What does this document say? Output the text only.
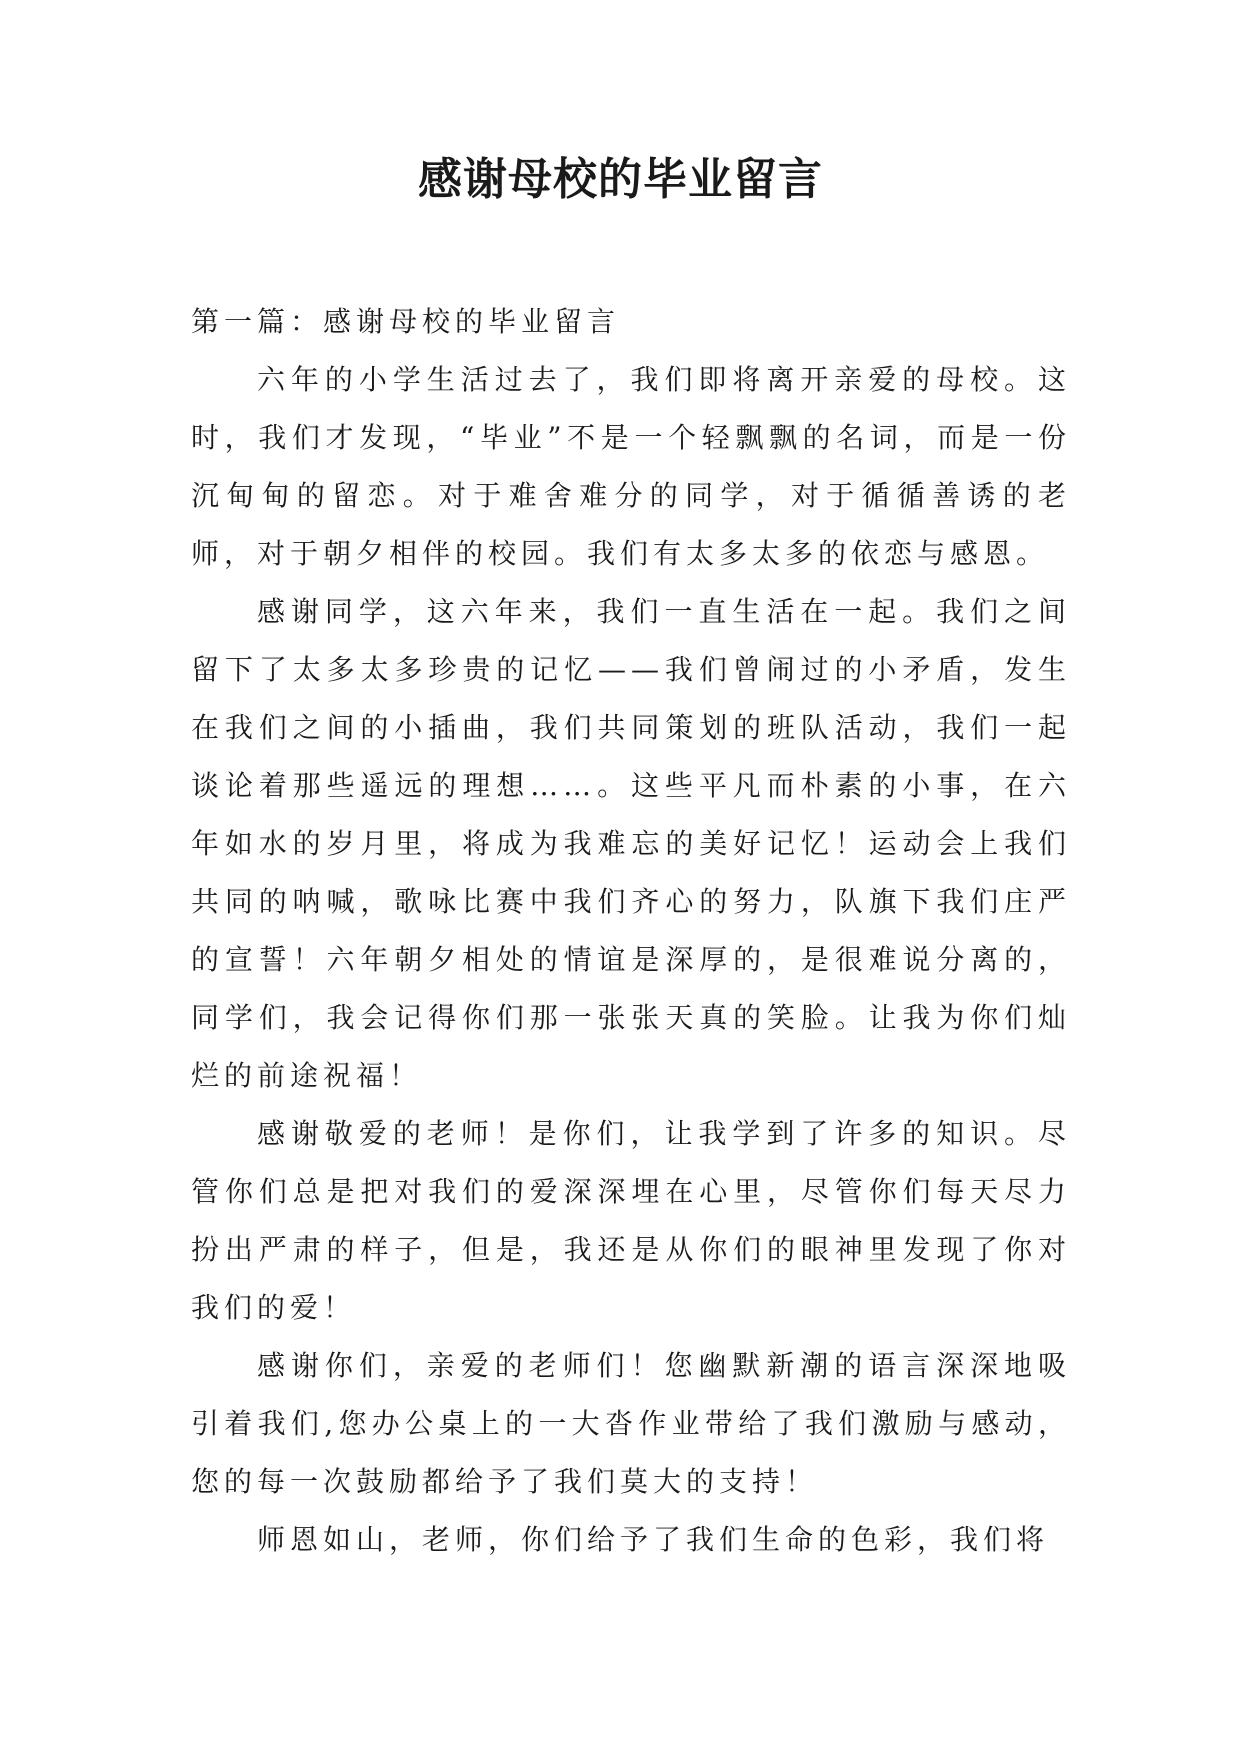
感谢母校的毕业留言
第一篇：感谢母校的毕业留言

六年的小学生活过去了，我们即将离开亲爱的母校。这时，我们才发现，“毕业”不是一个轻飘飘的名词，而是一份沉甸甸的留恋。对于难舍难分的同学，对于循循善诱的老师，对于朝夕相伴的校园。我们有太多太多的依恋与感恩。

感谢同学，这六年来，我们一直生活在一起。我们之间留下了太多太多珍贵的记忆——我们曾闹过的小矛盾，发生在我们之间的小插曲，我们共同策划的班队活动，我们一起谈论着那些遥远的理想……。这些平凡而朴素的小事，在六年如水的岁月里，将成为我难忘的美好记忆！运动会上我们共同的呐喊，歌咏比赛中我们齐心的努力，队旗下我们庄严的宣誓！六年朝夕相处的情谊是深厚的，是很难说分离的，同学们，我会记得你们那一张张天真的笑脸。让我为你们灿烂的前途祝福！

感谢敬爱的老师！是你们，让我学到了许多的知识。尽管你们总是把对我们的爱深深埋在心里，尽管你们每天尽力扮出严肃的样子，但是，我还是从你们的眼神里发现了你对我们的爱！

感谢你们，亲爱的老师们！您幽默新潮的语言深深地吸引着我们,您办公桌上的一大沓作业带给了我们激励与感动，您的每一次鼓励都给予了我们莫大的支持！

师恩如山，老师，你们给予了我们生命的色彩，我们将
